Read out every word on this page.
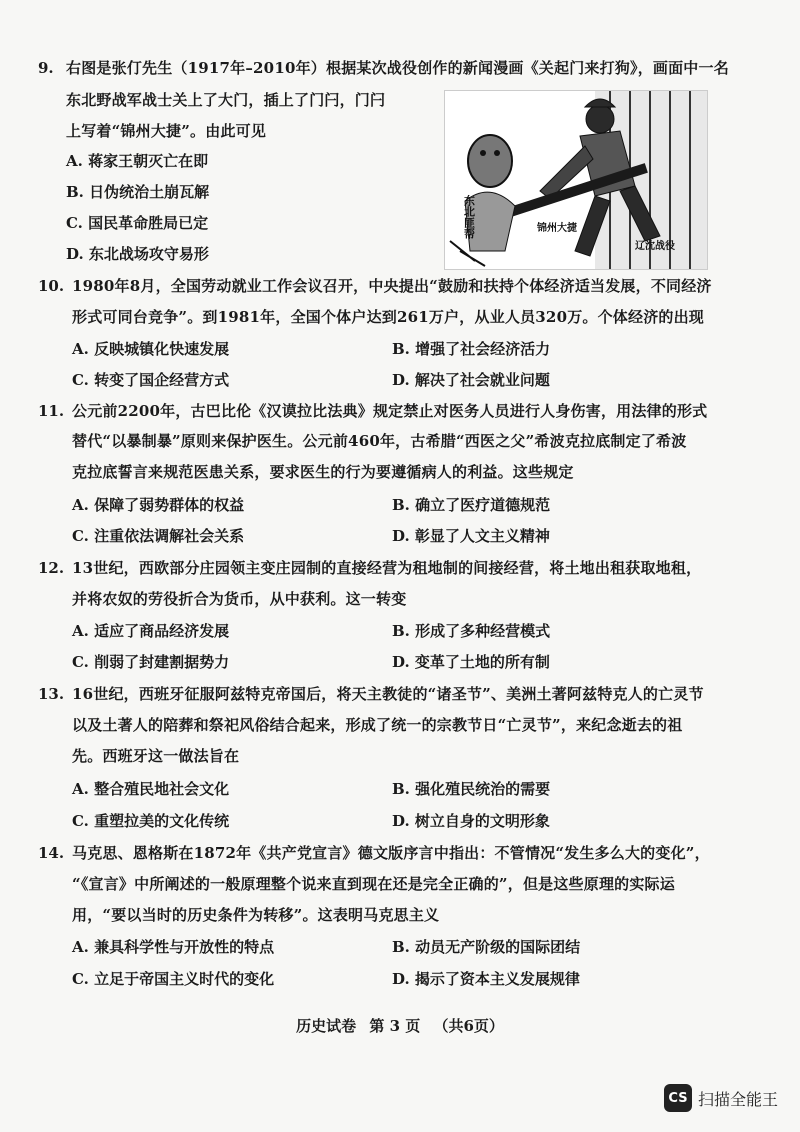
9. 右图是张仃先生（1917年–2010年）根据某次战役创作的新闻漫画《关起门来打狗》，画面中一名
东北野战军战士关上了大门，插上了门闩，门闩
上写着“锦州大捷”。由此可见
A. 蒋家王朝灭亡在即
B. 日伪统治土崩瓦解
C. 国民革命胜局已定
D. 东北战场攻守易形
东北匪帮	锦州大捷
辽沈战役
10. 1980年8月，全国劳动就业工作会议召开，中央提出“鼓励和扶持个体经济适当发展，不同经济
形式可同台竞争”。到1981年，全国个体户达到261万户，从业人员320万。个体经济的出现
A. 反映城镇化快速发展	B. 增强了社会经济活力
C. 转变了国企经营方式	D. 解决了社会就业问题
11. 公元前2200年，古巴比伦《汉谟拉比法典》规定禁止对医务人员进行人身伤害，用法律的形式
替代“以暴制暴”原则来保护医生。公元前460年，古希腊“西医之父”希波克拉底制定了希波
克拉底誓言来规范医患关系，要求医生的行为要遵循病人的利益。这些规定
A. 保障了弱势群体的权益	B. 确立了医疗道德规范
C. 注重依法调解社会关系	D. 彰显了人文主义精神
12. 13世纪，西欧部分庄园领主变庄园制的直接经营为租地制的间接经营，将土地出租获取地租，
并将农奴的劳役折合为货币，从中获利。这一转变
A. 适应了商品经济发展	B. 形成了多种经营模式
C. 削弱了封建割据势力	D. 变革了土地的所有制
13. 16世纪，西班牙征服阿兹特克帝国后，将天主教徒的“诸圣节”、美洲土著阿兹特克人的亡灵节
以及土著人的陪葬和祭祀风俗结合起来，形成了统一的宗教节日“亡灵节”，来纪念逝去的祖
先。西班牙这一做法旨在
A. 整合殖民地社会文化	B. 强化殖民统治的需要
C. 重塑拉美的文化传统	D. 树立自身的文明形象
14. 马克思、恩格斯在1872年《共产党宣言》德文版序言中指出：不管情况“发生多么大的变化”，
“《宣言》中所阐述的一般原理整个说来直到现在还是完全正确的”，但是这些原理的实际运
用，“要以当时的历史条件为转移”。这表明马克思主义
A. 兼具科学性与开放性的特点	B. 动员无产阶级的国际团结
C. 立足于帝国主义时代的变化	D. 揭示了资本主义发展规律
历史试卷 第 3 页 （共6页）
CS 扫描全能王
